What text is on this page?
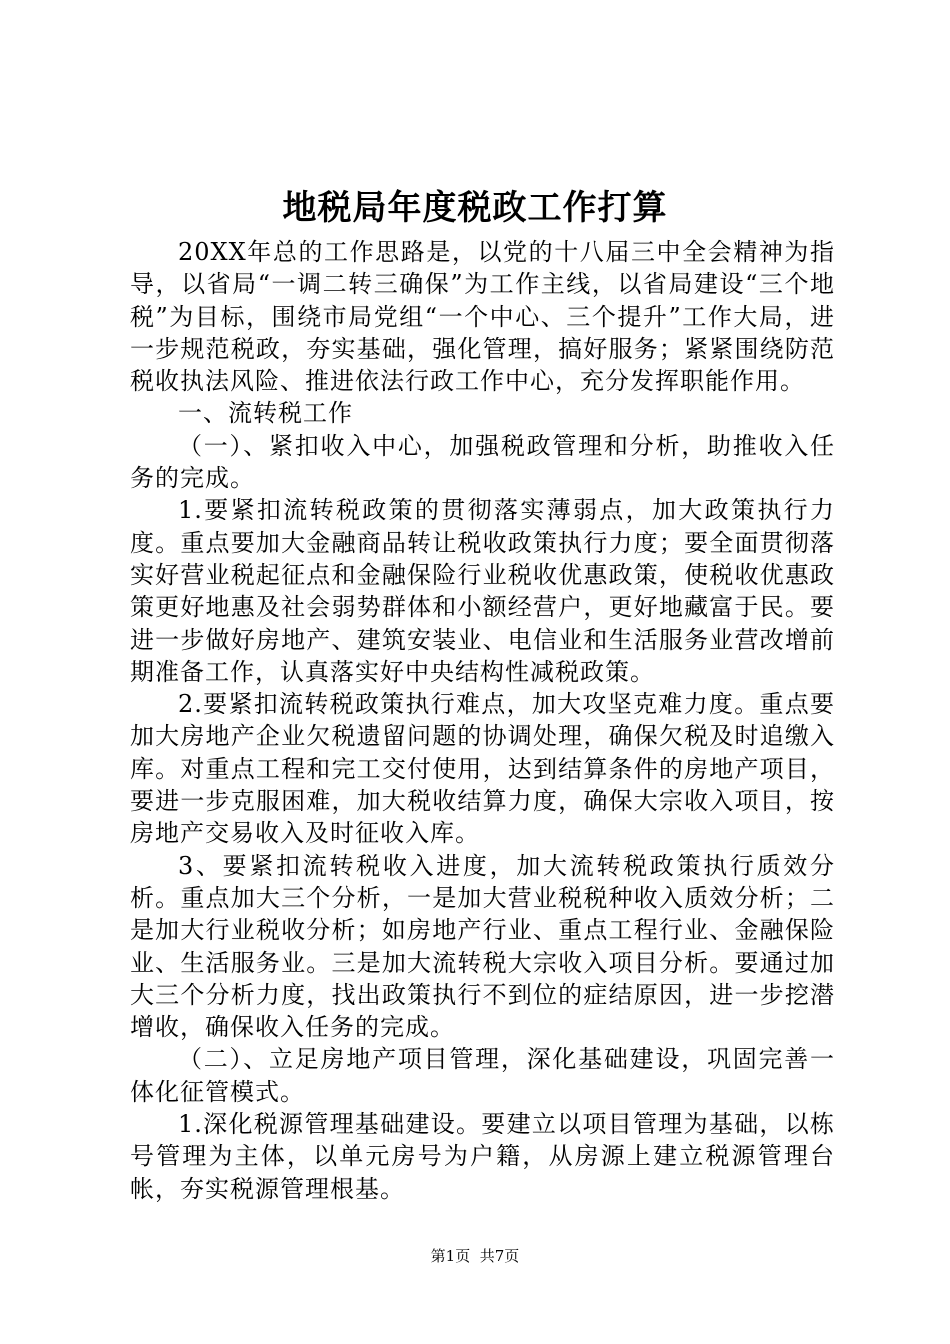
地税局年度税政工作打算

20XX年总的工作思路是，以党的十八届三中全会精神为指导，以省局“一调二转三确保”为工作主线，以省局建设“三个地税”为目标，围绕市局党组“一个中心、三个提升”工作大局，进一步规范税政，夯实基础，强化管理，搞好服务；紧紧围绕防范税收执法风险、推进依法行政工作中心，充分发挥职能作用。

一、流转税工作

（一）、紧扣收入中心，加强税政管理和分析，助推收入任务的完成。

1.要紧扣流转税政策的贯彻落实薄弱点，加大政策执行力度。重点要加大金融商品转让税收政策执行力度；要全面贯彻落实好营业税起征点和金融保险行业税收优惠政策，使税收优惠政策更好地惠及社会弱势群体和小额经营户，更好地藏富于民。要进一步做好房地产、建筑安装业、电信业和生活服务业营改增前期准备工作，认真落实好中央结构性减税政策。

2.要紧扣流转税政策执行难点，加大攻坚克难力度。重点要加大房地产企业欠税遗留问题的协调处理，确保欠税及时追缴入库。对重点工程和完工交付使用，达到结算条件的房地产项目，要进一步克服困难，加大税收结算力度，确保大宗收入项目，按房地产交易收入及时征收入库。

3、要紧扣流转税收入进度，加大流转税政策执行质效分析。重点加大三个分析，一是加大营业税税种收入质效分析；二是加大行业税收分析；如房地产行业、重点工程行业、金融保险业、生活服务业。三是加大流转税大宗收入项目分析。要通过加大三个分析力度，找出政策执行不到位的症结原因，进一步挖潜增收，确保收入任务的完成。

（二）、立足房地产项目管理，深化基础建设，巩固完善一体化征管模式。

1.深化税源管理基础建设。要建立以项目管理为基础，以栋号管理为主体，以单元房号为户籍，从房源上建立税源管理台帐，夯实税源管理根基。

第1页 共7页
